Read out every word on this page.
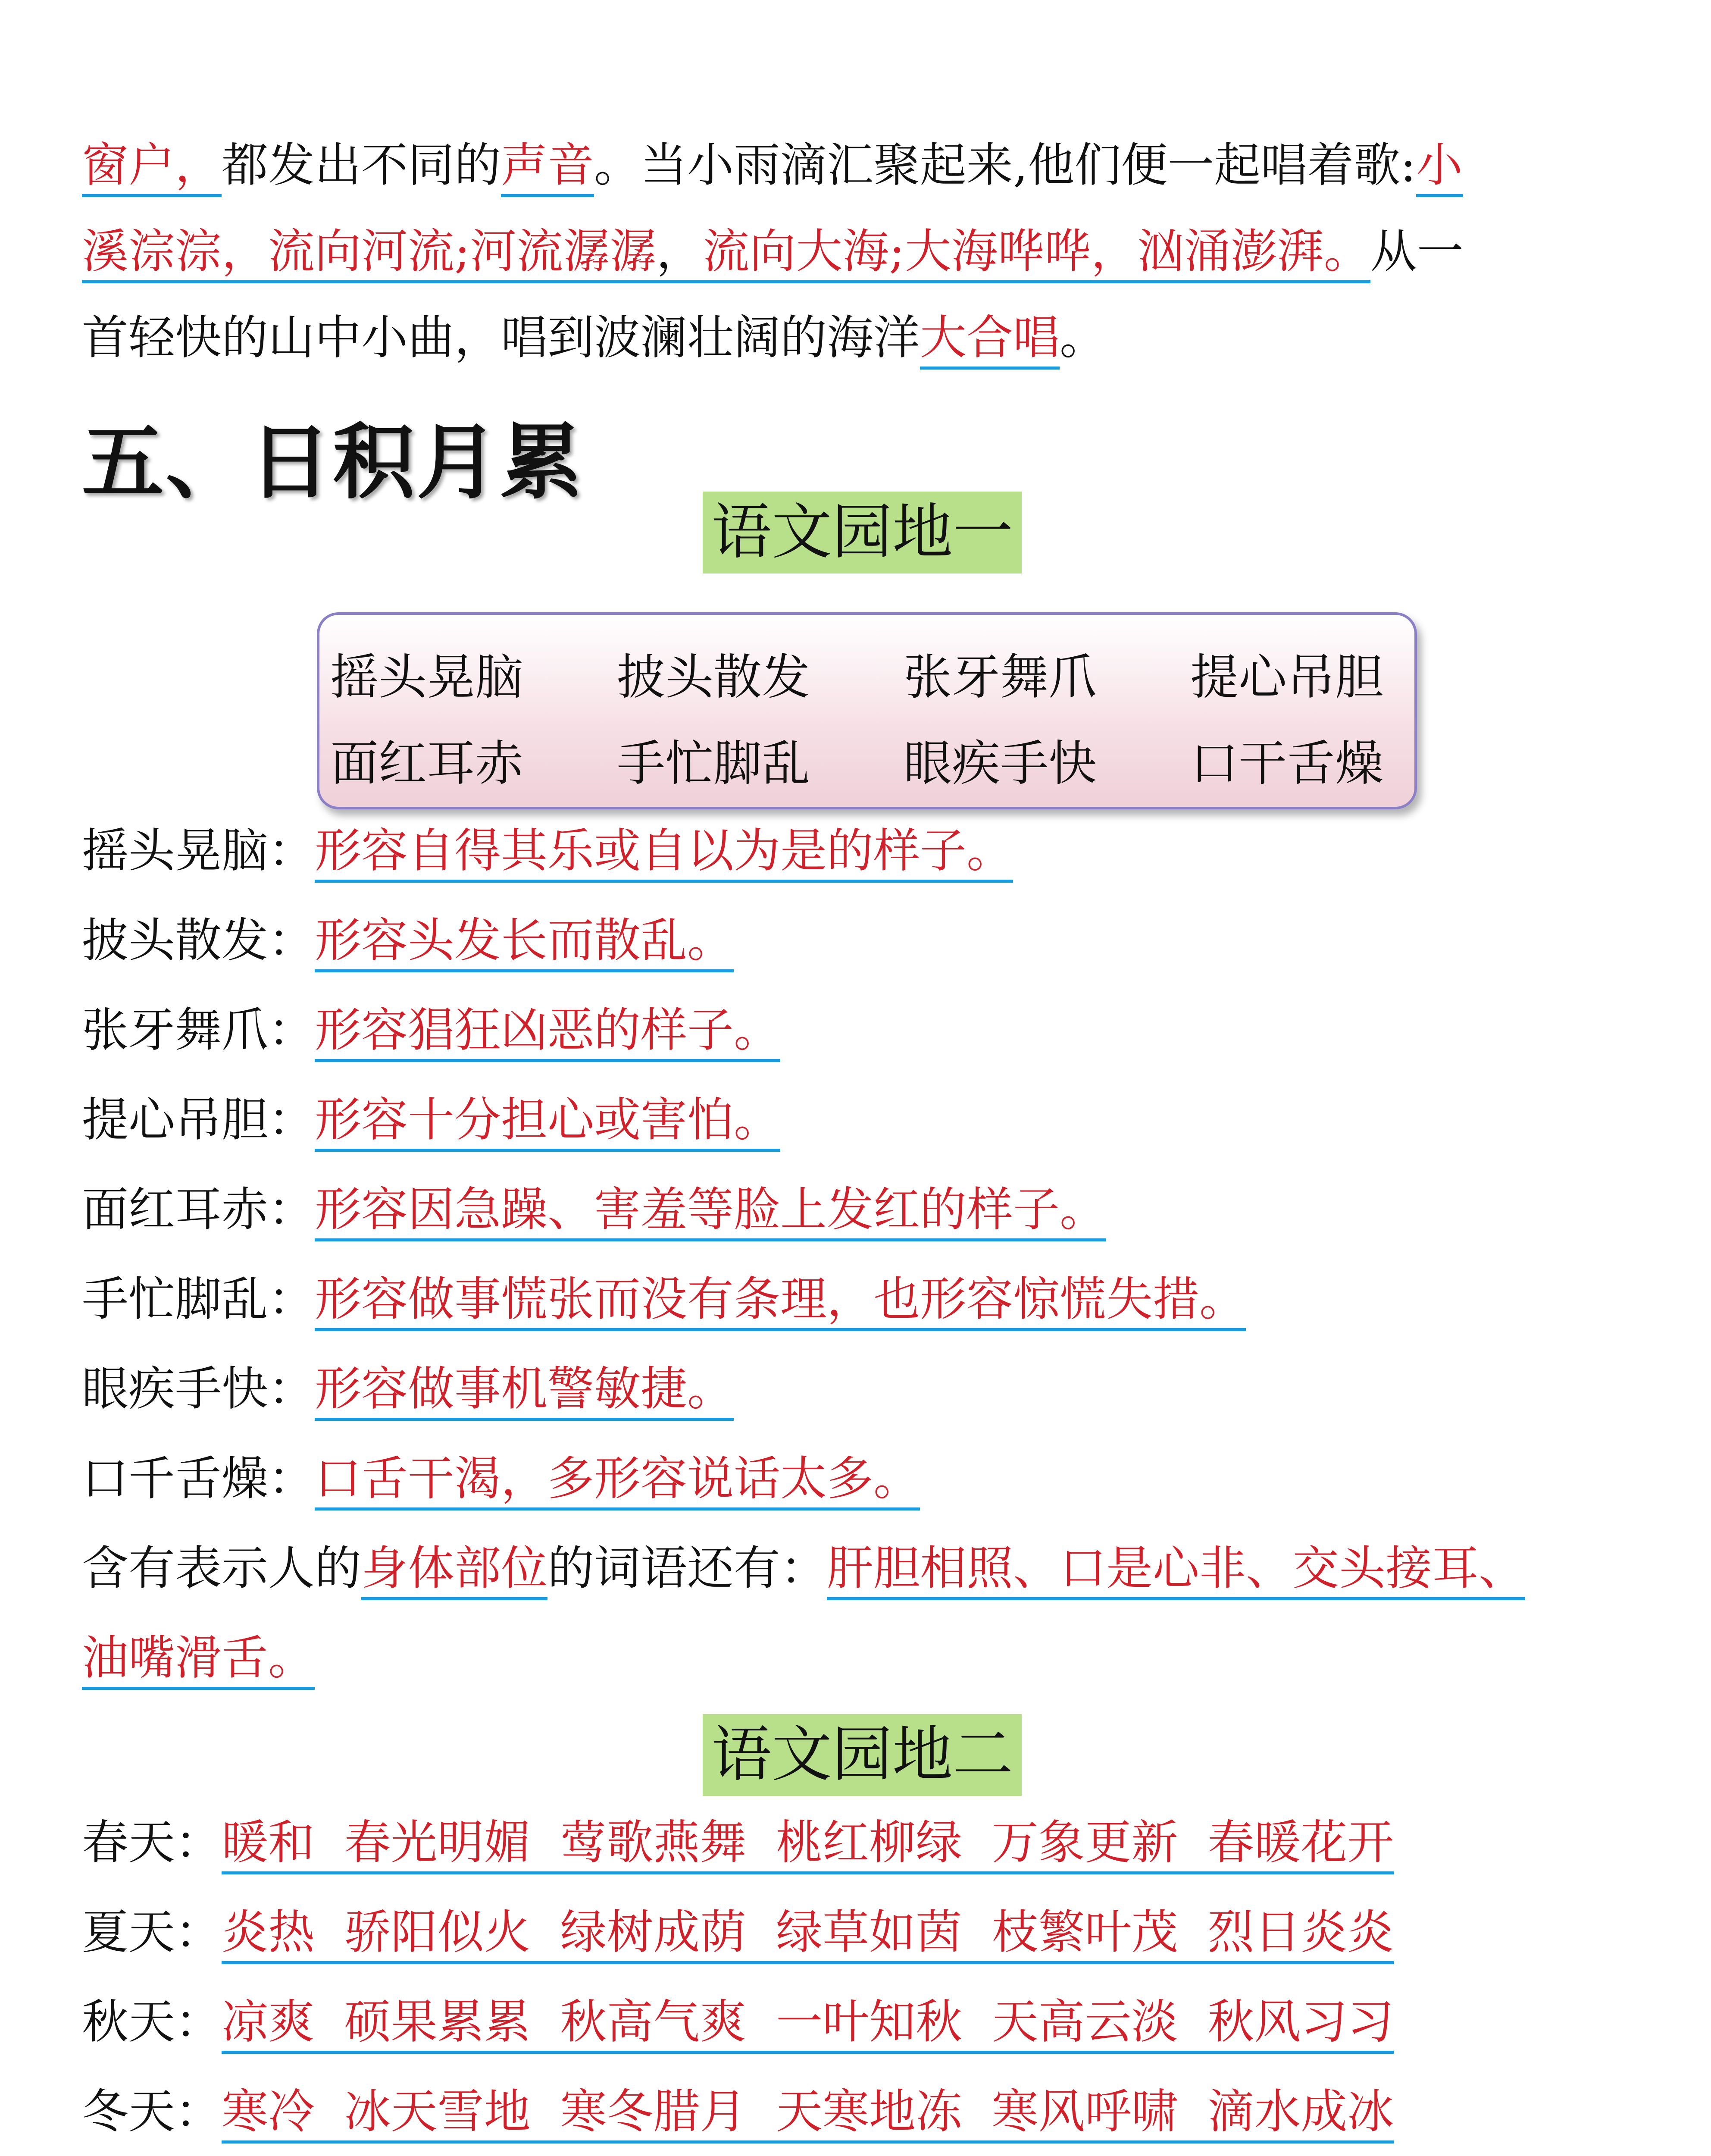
窗户，都发出不同的声音。当小雨滴汇聚起来,他们便一起唱着歌:小
溪淙淙，流向河流;河流潺潺，流向大海;大海哗哗，汹涌澎湃。从一
首轻快的山中小曲，唱到波澜壮阔的海洋大合唱。
五、日积月累
语文园地一
摇头晃脑 披头散发 张牙舞爪 提心吊胆
面红耳赤 手忙脚乱 眼疾手快 口干舌燥
摇头晃脑：形容自得其乐或自以为是的样子。
披头散发：形容头发长而散乱。
张牙舞爪：形容猖狂凶恶的样子。
提心吊胆：形容十分担心或害怕。
面红耳赤：形容因急躁、害羞等脸上发红的样子。
手忙脚乱：形容做事慌张而没有条理，也形容惊慌失措。
眼疾手快：形容做事机警敏捷。
口千舌燥：口舌干渴，多形容说话太多。
含有表示人的身体部位的词语还有：肝胆相照、口是心非、交头接耳、
油嘴滑舌。
语文园地二
春天：暖和  春光明媚  莺歌燕舞  桃红柳绿  万象更新  春暖花开
夏天：炎热  骄阳似火  绿树成荫  绿草如茵  枝繁叶茂  烈日炎炎
秋天：凉爽  硕果累累  秋高气爽  一叶知秋  天高云淡  秋风习习
冬天：寒冷  冰天雪地  寒冬腊月  天寒地冻  寒风呼啸  滴水成冰
